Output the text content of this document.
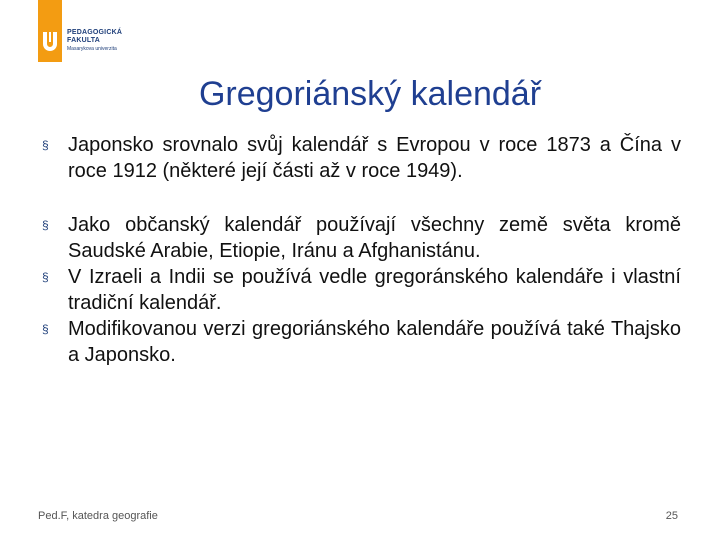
PEDAGOGICKÁ
FAKULTA
Masarykova univerzita
Gregoriánský kalendář
§ Japonsko srovnalo svůj kalendář s Evropou v roce 1873 a Čína v roce 1912 (některé její části až v roce 1949).
§ Jako občanský kalendář používají všechny země světa kromě Saudské Arabie, Etiopie, Iránu a Afghanistánu.
§ V Izraeli a Indii se používá vedle gregoránského kalendáře i vlastní tradiční kalendář.
§ Modifikovanou verzi gregoriánského kalendáře používá také Thajsko a Japonsko.
Ped.F, katedra geografie	25
